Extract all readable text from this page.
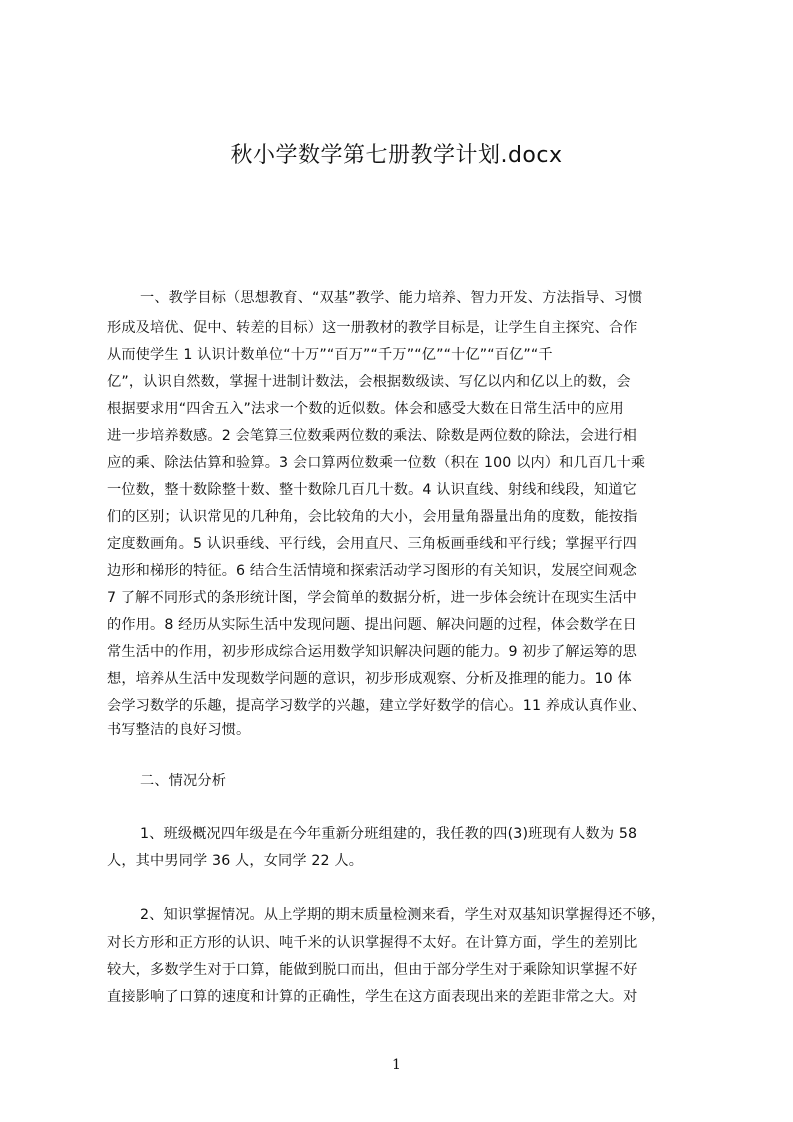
秋小学数学第七册教学计划.docx
一、教学目标（思想教育、“双基”教学、能力培养、智力开发、方法指导、习惯
形成及培优、促中、转差的目标）这一册教材的教学目标是，让学生自主探究、合作
从而使学生 1 认识计数单位“十万”“百万”“千万”“亿”“十亿”“百亿”“千
亿”，认识自然数，掌握十进制计数法，会根据数级读、写亿以内和亿以上的数，会
根据要求用“四舍五入”法求一个数的近似数。体会和感受大数在日常生活中的应用
进一步培养数感。2 会笔算三位数乘两位数的乘法、除数是两位数的除法，会进行相
应的乘、除法估算和验算。3 会口算两位数乘一位数（积在 100 以内）和几百几十乘
一位数，整十数除整十数、整十数除几百几十数。4 认识直线、射线和线段，知道它
们的区别；认识常见的几种角，会比较角的大小，会用量角器量出角的度数，能按指
定度数画角。5 认识垂线、平行线，会用直尺、三角板画垂线和平行线；掌握平行四
边形和梯形的特征。6 结合生活情境和探索活动学习图形的有关知识，发展空间观念
7 了解不同形式的条形统计图，学会简单的数据分析，进一步体会统计在现实生活中
的作用。8 经历从实际生活中发现问题、提出问题、解决问题的过程，体会数学在日
常生活中的作用，初步形成综合运用数学知识解决问题的能力。9 初步了解运筹的思
想，培养从生活中发现数学问题的意识，初步形成观察、分析及推理的能力。10 体
会学习数学的乐趣，提高学习数学的兴趣，建立学好数学的信心。11 养成认真作业、
书写整洁的良好习惯。
二、情况分析
1、班级概况四年级是在今年重新分班组建的，我任教的四(3)班现有人数为 58
人，其中男同学 36 人，女同学 22 人。
2、知识掌握情况。从上学期的期末质量检测来看，学生对双基知识掌握得还不够，
对长方形和正方形的认识、吨千米的认识掌握得不太好。在计算方面，学生的差别比
较大，多数学生对于口算，能做到脱口而出，但由于部分学生对于乘除知识掌握不好
直接影响了口算的速度和计算的正确性，学生在这方面表现出来的差距非常之大。对
1
